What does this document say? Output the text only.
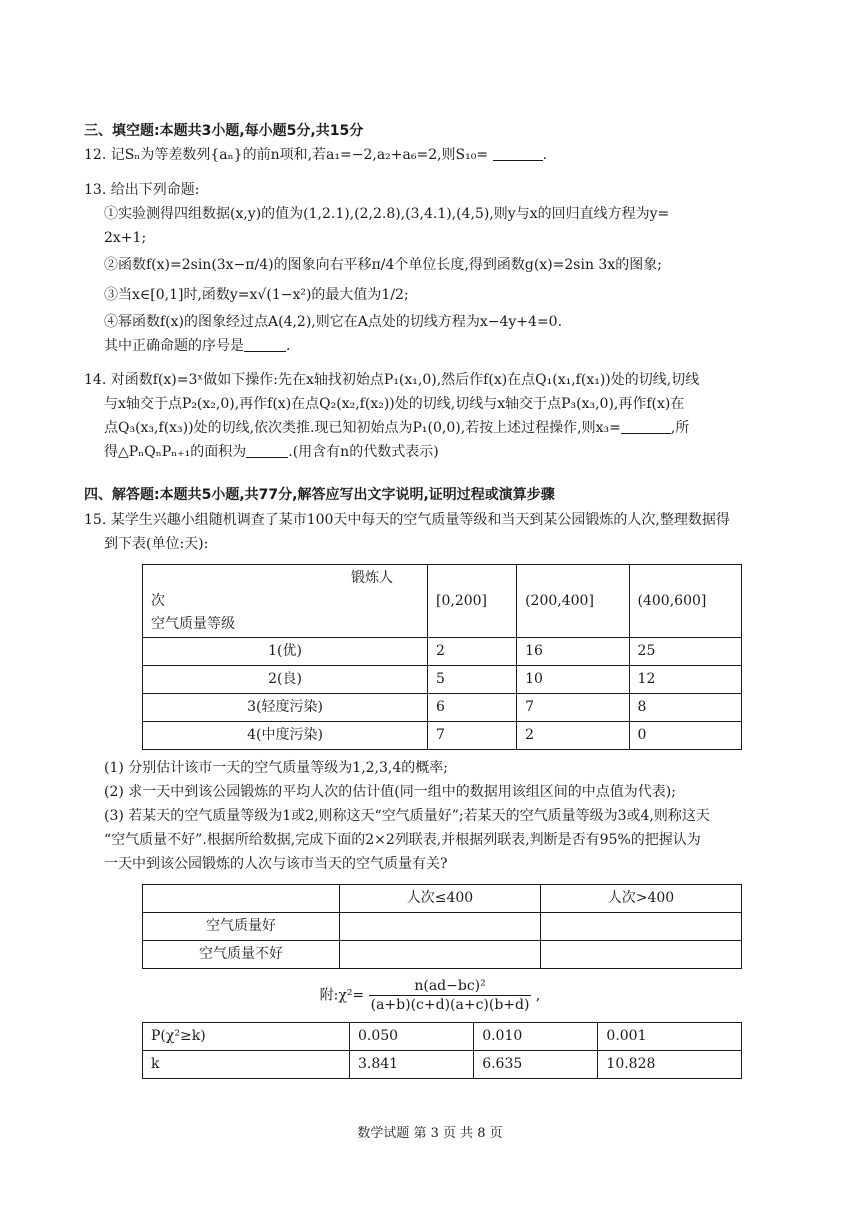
三、填空题:本题共3小题,每小题5分,共15分
12. 记Sₙ为等差数列{aₙ}的前n项和,若a₁=−2,a₂+a₆=2,则S₁₀=	.
13. 给出下列命题:
①实验测得四组数据(x,y)的值为(1,2.1),(2,2.8),(3,4.1),(4,5),则y与x的回归直线方程为y=
2x+1;
②函数f(x)=2sin(3x−π/4)的图象向右平移π/4个单位长度,得到函数g(x)=2sin 3x的图象;
③当x∈[0,1]时,函数y=x√(1−x²)的最大值为1/2;
④幂函数f(x)的图象经过点A(4,2),则它在A点处的切线方程为x−4y+4=0.
其中正确命题的序号是	.
14. 对函数f(x)=3ˣ做如下操作:先在x轴找初始点P₁(x₁,0),然后作f(x)在点Q₁(x₁,f(x₁))处的切线,切线
与x轴交于点P₂(x₂,0),再作f(x)在点Q₂(x₂,f(x₂))处的切线,切线与x轴交于点P₃(x₃,0),再作f(x)在
点Q₃(x₃,f(x₃))处的切线,依次类推.现已知初始点为P₁(0,0),若按上述过程操作,则x₃=	,所
得△PₙQₙPₙ₊₁的面积为	.(用含有n的代数式表示)
四、解答题:本题共5小题,共77分,解答应写出文字说明,证明过程或演算步骤
15. 某学生兴趣小组随机调查了某市100天中每天的空气质量等级和当天到某公园锻炼的人次,整理数据得
到下表(单位:天):
锻炼人
次
空气质量等级	[0,200]	(200,400]	(400,600]
1(优)	2	16	25
2(良)	5	10	12
3(轻度污染)	6	7	8
4(中度污染)	7	2	0
(1) 分别估计该市一天的空气质量等级为1,2,3,4的概率;
(2) 求一天中到该公园锻炼的平均人次的估计值(同一组中的数据用该组区间的中点值为代表);
(3) 若某天的空气质量等级为1或2,则称这天“空气质量好”;若某天的空气质量等级为3或4,则称这天
“空气质量不好”.根据所给数据,完成下面的2×2列联表,并根据列联表,判断是否有95%的把握认为
一天中到该公园锻炼的人次与该市当天的空气质量有关?
	人次≤400	人次>400
空气质量好		
空气质量不好		
附:χ²= $\frac{\text{n(ad−bc)²}}{(a+b)(c+d)(a+c)(b+d)}$ ,
P(χ²≥k)	0.050	0.010	0.001
k	3.841	6.635	10.828
数学试题 第 3 页 共 8 页
